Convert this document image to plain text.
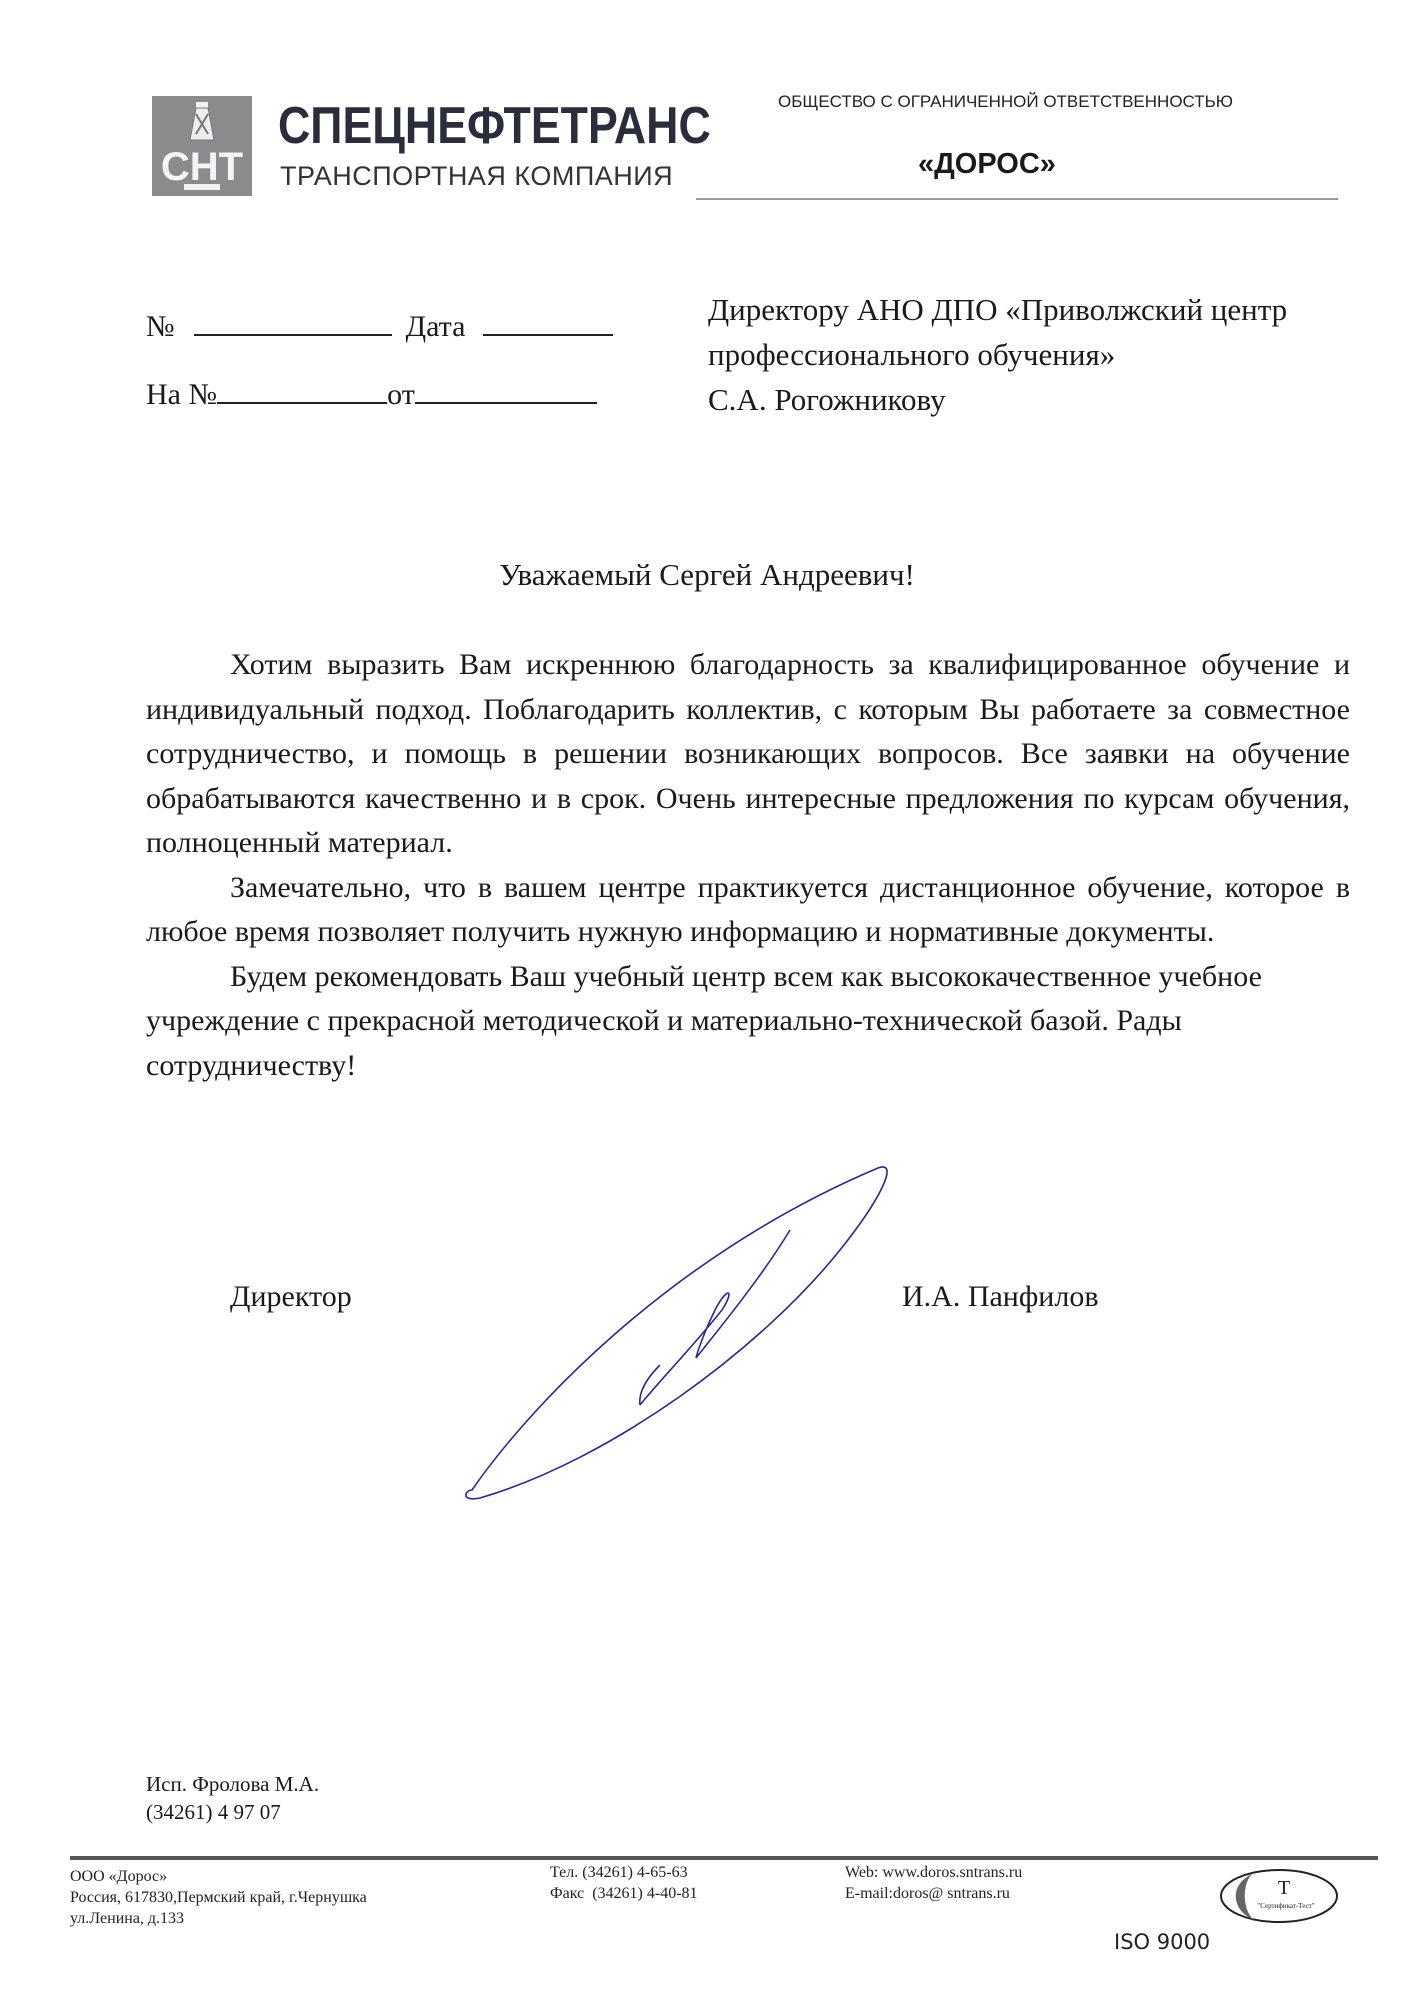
СНТ
СПЕЦНЕФТЕТРАНС
ТРАНСПОРТНАЯ КОМПАНИЯ
ОБЩЕСТВО С ОГРАНИЧЕННОЙ ОТВЕТСТВЕННОСТЬЮ
«ДОРОС»
№	Дата
На №	от
Директору АНО ДПО «Приволжский центр
профессионального обучения»
С.А. Рогожникову
Уважаемый Сергей Андреевич!

Хотим выразить Вам искреннюю благодарность за квалифицированное обучение и индивидуальный подход. Поблагодарить коллектив, с которым Вы работаете за совместное сотрудничество, и помощь в решении возникающих вопросов. Все заявки на обучение обрабатываются качественно и в срок. Очень интересные предложения по курсам обучения, полноценный материал.

Замечательно, что в вашем центре практикуется дистанционное обучение, которое в любое время позволяет получить нужную информацию и нормативные документы.

Будем рекомендовать Ваш учебный центр всем как высококачественное учебное учреждение с прекрасной методической и материально-технической базой. Рады сотрудничеству!

Директор	И.А. Панфилов
Исп. Фролова М.А.
(34261) 4 97 07
ООО «Дорос»
Россия, 617830,Пермский край, г.Чернушка
ул.Ленина, д.133
Тел. (34261) 4-65-63
Факс  (34261) 4-40-81
Web: www.doros.sntrans.ru
E-mail:doros@ sntrans.ru	T
"Сертификат-Тест"
ISO 9000
